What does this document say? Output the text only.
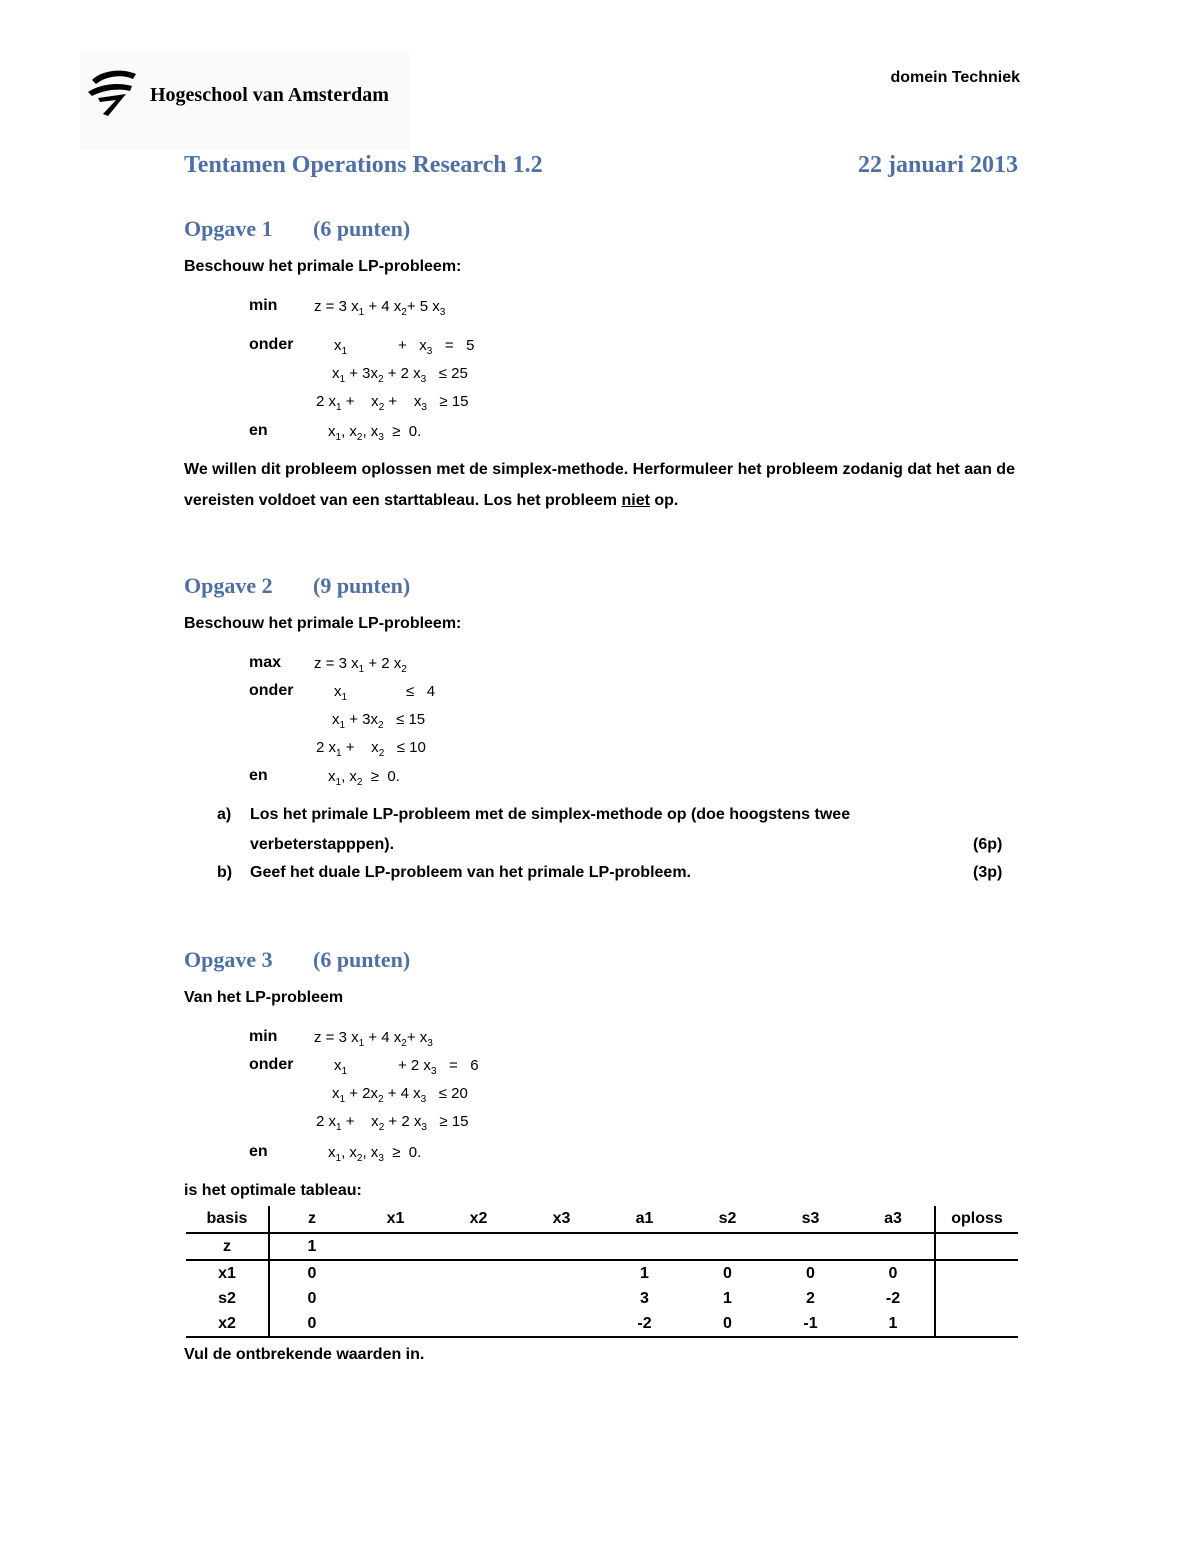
Hogeschool van Amsterdam
domein Techniek
Tentamen Operations Research 1.2	22 januari 2013
Opgave 1 (6 punten)
Beschouw het primale LP-probleem:
min z = 3 $x_1 + 4$ $x_2+ 5$ $x_3$
onder	$x_1$	+   $x_3 = 5$
$x_1 + 3x_2 + 2$ $x_3 \le 25$
2 $x_1$ +    $x_2$ +    $x_3 \ge 15$
en	$x_1$, $x_2$, $x_3 \ge 0$.
We willen dit probleem oplossen met de simplex-methode. Herformuleer het probleem zodanig dat het aan de vereisten voldoet van een starttableau. Los het probleem niet op.
Opgave 2 (9 punten)
Beschouw het primale LP-probleem:
max z = 3 $x_1 + 2$ $x_2$
onder	$x_1$	≤   4
$x_1 + 3x_2 \le 15$
2 $x_1$ +    $x_2 \le 10$
en	$x_1$, $x_2 \ge 0$.
a) Los het primale LP-probleem met de simplex-methode op (doe hoogstens twee
verbeterstapppen).	(6p)
b) Geef het duale LP-probleem van het primale LP-probleem.	(3p)
Opgave 3 (6 punten)
Van het LP-probleem
min z = 3 $x_1 + 4$ $x_2+ x_3$
onder	$x_1$	+ 2 $x_3 = 6$
$x_1 + 2x_2 + 4$ $x_3 \le 20$
2 $x_1$ +    $x_2 + 2$ $x_3 \ge 15$
en	$x_1$, $x_2$, $x_3 \ge 0$.
is het optimale tableau:
basis	z	x1	x2	x3	a1	s2	s3	a3	oploss
z	1								
x1	0				1	0	0	0	
s2	0				3	1	2	-2	
x2	0				-2	0	-1	1	
Vul de ontbrekende waarden in.
